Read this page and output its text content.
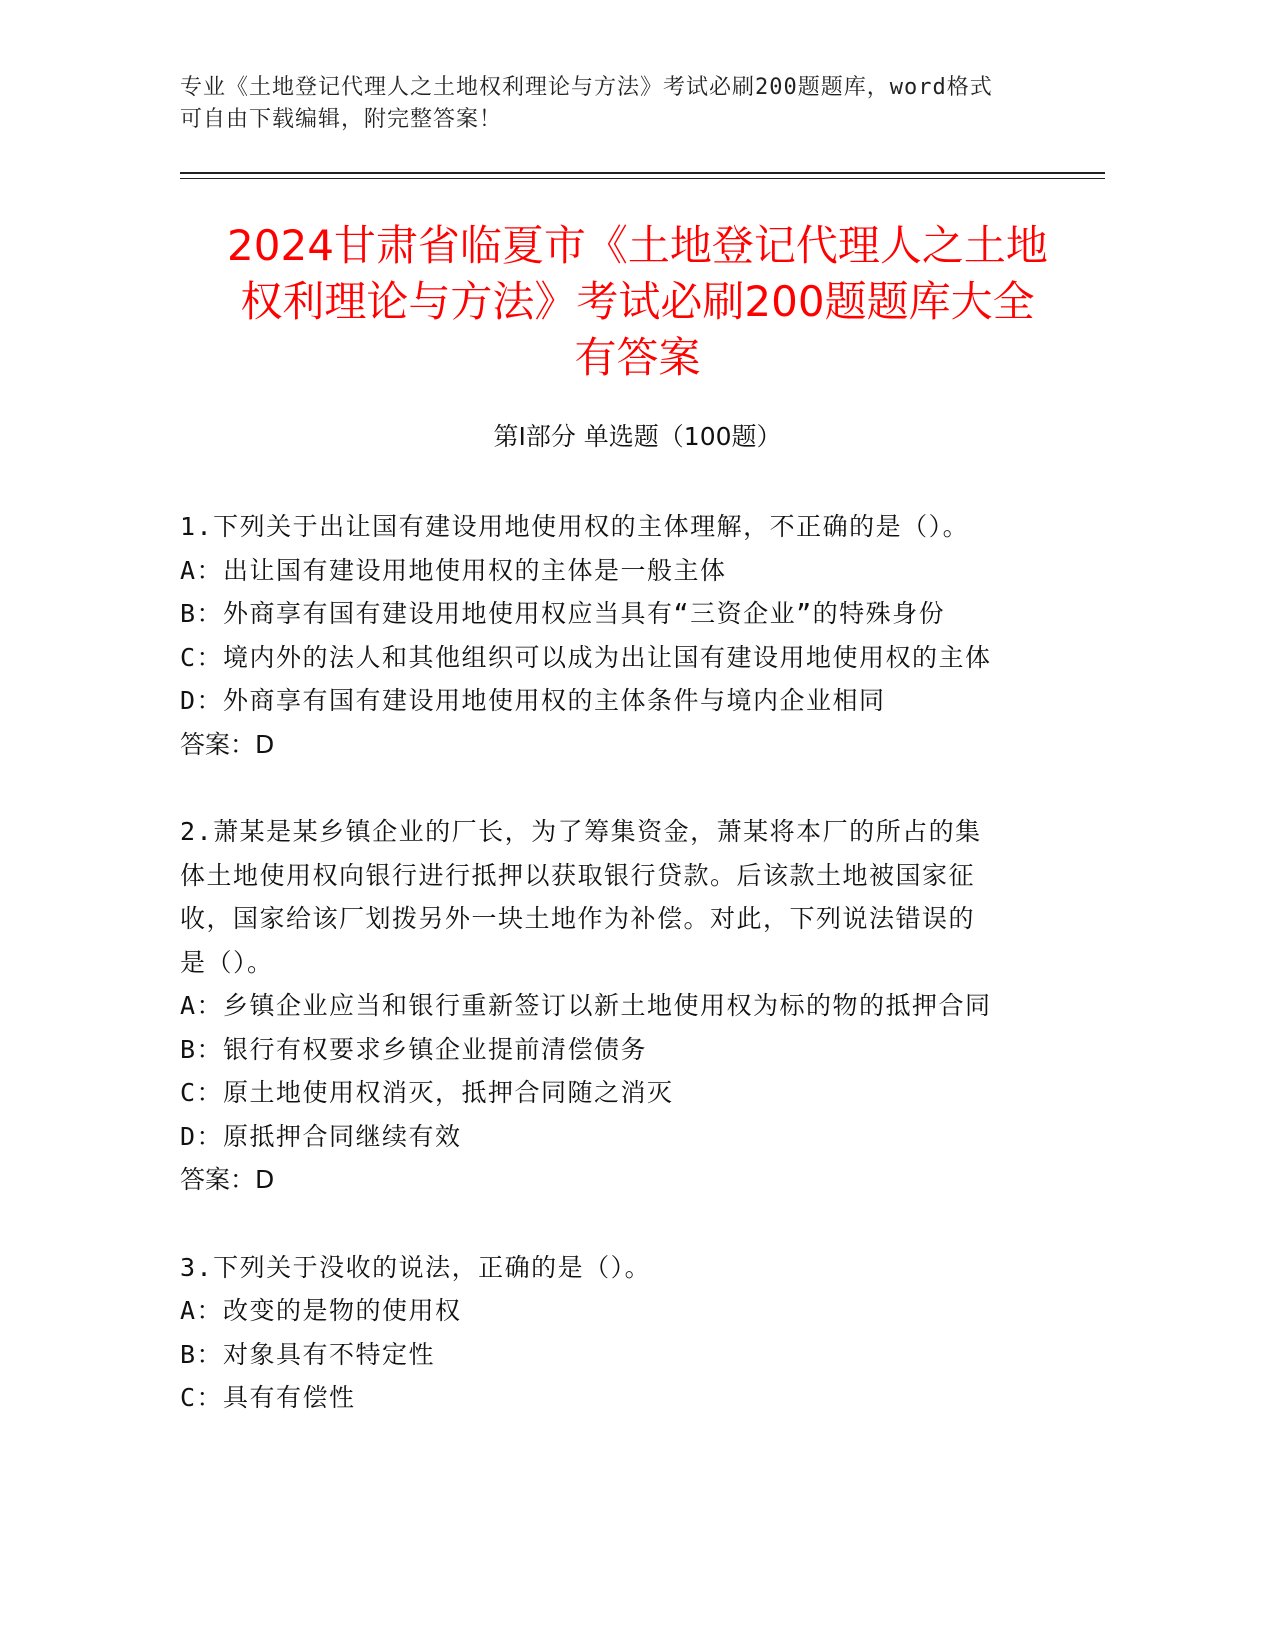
专业《土地登记代理人之土地权利理论与方法》考试必刷200题题库，word格式
可自由下载编辑，附完整答案！
2024甘肃省临夏市《土地登记代理人之土地
权利理论与方法》考试必刷200题题库大全
有答案
第Ⅰ部分 单选题（100题）
1.下列关于出让国有建设用地使用权的主体理解，不正确的是（）。
A：出让国有建设用地使用权的主体是一般主体
B：外商享有国有建设用地使用权应当具有“三资企业”的特殊身份
C：境内外的法人和其他组织可以成为出让国有建设用地使用权的主体
D：外商享有国有建设用地使用权的主体条件与境内企业相同
答案：D
2.萧某是某乡镇企业的厂长，为了筹集资金，萧某将本厂的所占的集
体土地使用权向银行进行抵押以获取银行贷款。后该款土地被国家征
收，国家给该厂划拨另外一块土地作为补偿。对此，下列说法错误的
是（）。
A：乡镇企业应当和银行重新签订以新土地使用权为标的物的抵押合同
B：银行有权要求乡镇企业提前清偿债务
C：原土地使用权消灭，抵押合同随之消灭
D：原抵押合同继续有效
答案：D
3.下列关于没收的说法，正确的是（）。
A：改变的是物的使用权
B：对象具有不特定性
C：具有有偿性
